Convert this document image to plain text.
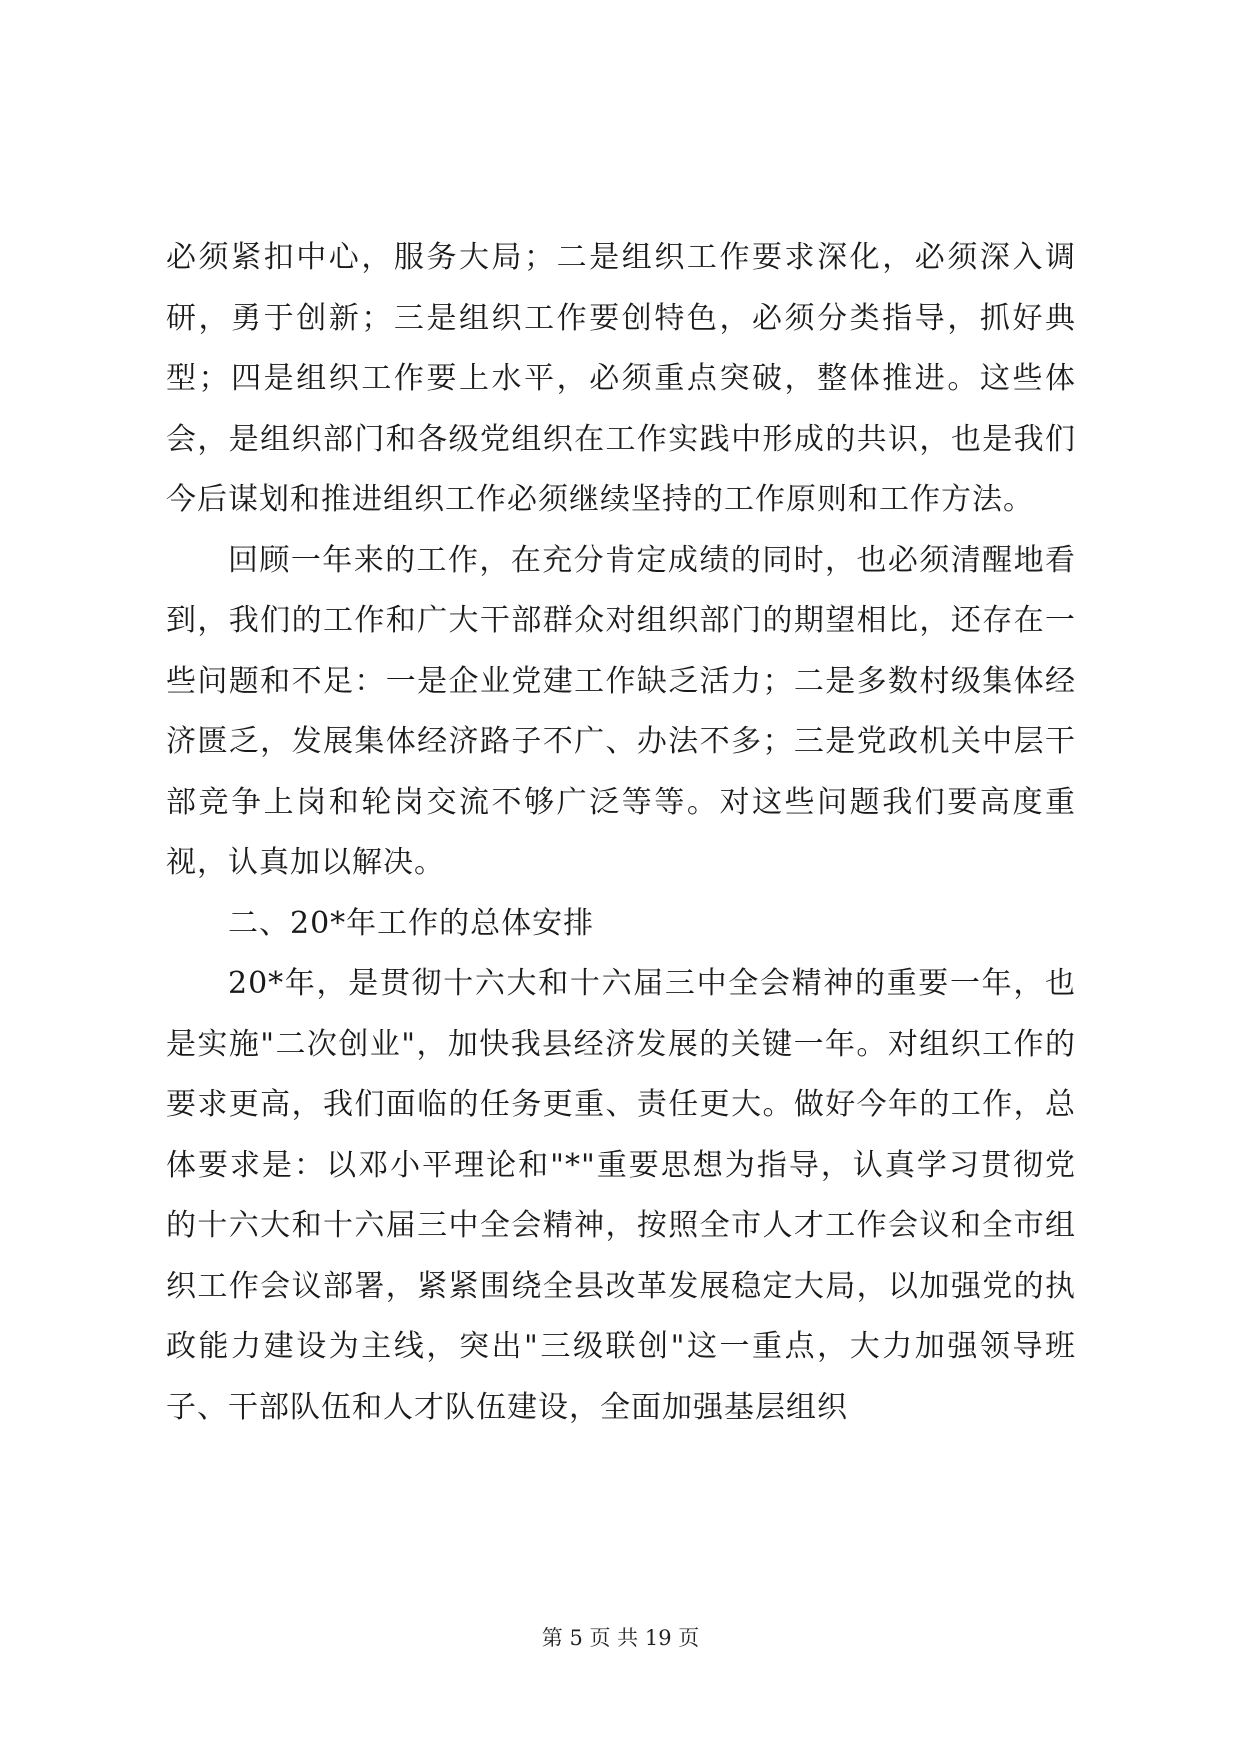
必须紧扣中心，服务大局；二是组织工作要求深化，必须深入调研，勇于创新；三是组织工作要创特色，必须分类指导，抓好典型；四是组织工作要上水平，必须重点突破，整体推进。这些体会，是组织部门和各级党组织在工作实践中形成的共识，也是我们今后谋划和推进组织工作必须继续坚持的工作原则和工作方法。

回顾一年来的工作，在充分肯定成绩的同时，也必须清醒地看到，我们的工作和广大干部群众对组织部门的期望相比，还存在一些问题和不足：一是企业党建工作缺乏活力；二是多数村级集体经济匮乏，发展集体经济路子不广、办法不多；三是党政机关中层干部竞争上岗和轮岗交流不够广泛等等。对这些问题我们要高度重视，认真加以解决。

二、20*年工作的总体安排

20*年，是贯彻十六大和十六届三中全会精神的重要一年，也是实施"二次创业"，加快我县经济发展的关键一年。对组织工作的要求更高，我们面临的任务更重、责任更大。做好今年的工作，总体要求是：以邓小平理论和"*"重要思想为指导，认真学习贯彻党的十六大和十六届三中全会精神，按照全市人才工作会议和全市组织工作会议部署，紧紧围绕全县改革发展稳定大局，以加强党的执政能力建设为主线，突出"三级联创"这一重点，大力加强领导班子、干部队伍和人才队伍建设，全面加强基层组织

第 5 页 共 19 页
